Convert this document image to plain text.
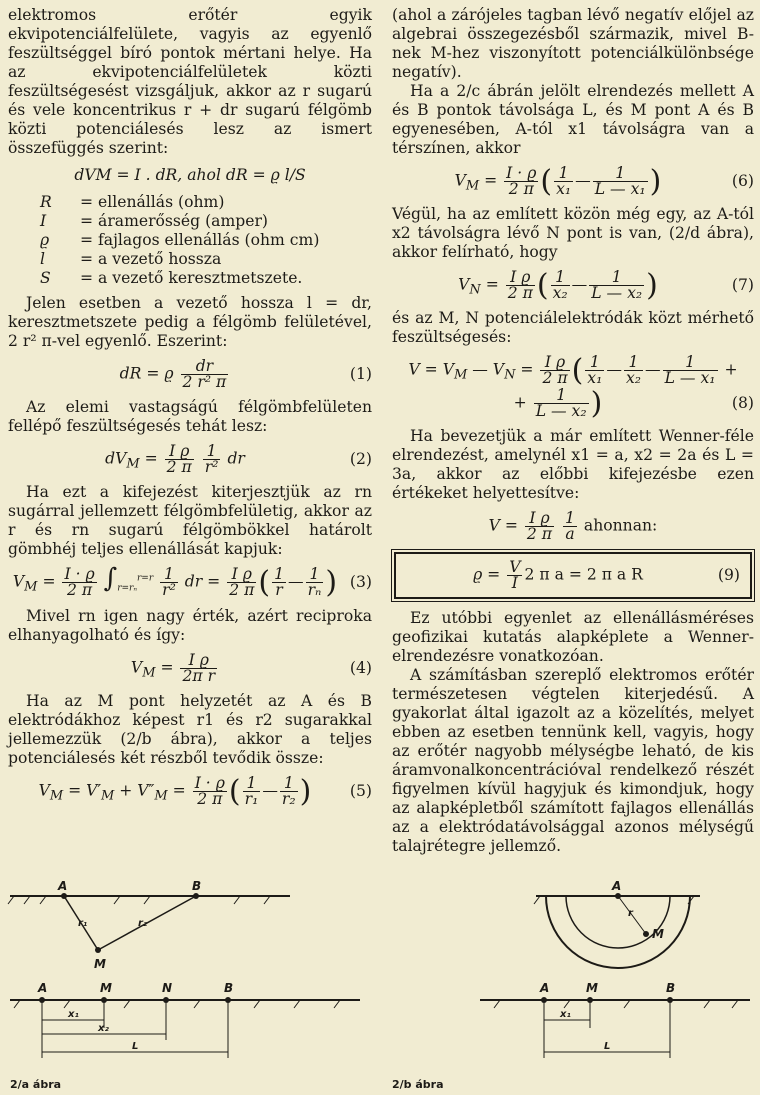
elektromos erőtér egyik ekvipotenciálfelülete, vagyis az egyenlő feszültséggel bíró pontok mértani helye. Ha az ekvipotenciálfelületek közti feszültségesést vizsgáljuk, akkor az r sugarú és vele koncentrikus r + dr sugarú félgömb közti potenciálesés lesz az ismert összefüggés szerint:

dVM = I . dR, ahol dR = ϱ l/S
R	= ellenállás (ohm)
I	= áramerősség (amper)
ϱ	= fajlagos ellenállás (ohm cm)
l	= a vezető hossza
S	= a vezető keresztmetszete.

Jelen esetben a vezető hossza l = dr, keresztmetszete pedig a félgömb felületével, 2 r² π-vel egyenlő. Eszerint:

dR = ϱ $\frac{dr}{\text{2 r² π}}$	(1)

Az elemi vastagságú félgömbfelületen fellépő feszültségesés tehát lesz:

$dV_M = \frac{\text{I ϱ}}{2 \pi}$
$\frac{1}{\text{r²}}$ dr	(2)

Ha ezt a kifejezést kiterjesztjük az rn sugárral jellemzett félgömbfelületig, akkor az r és rn sugarú félgömbökkel határolt gömbhéj teljes ellenállását kapjuk:

$V_M = \frac{I \cdot ϱ}{2 \pi} \int_{r=r_n}^{r=r} \frac{1}{\text{r²}}$ dr = $\frac{\text{I ϱ}}{2 \pi}$ ( $\frac{1}{r}$ — $\frac{1}{\text{rₙ}}$ ) (3)

Mivel rn igen nagy érték, azért reciproka elhanyagolható és így:

$V_M = \frac{\text{I ϱ}}{\text{2π r}}$	(4)

Ha az M pont helyzetét az A és B elektródákhoz képest r1 és r2 sugarakkal jellemezzük (2/b ábra), akkor a teljes potenciálesés két részből tevődik össze:

$V_M = V'_M + V''_M = \frac{I \cdot ϱ}{2 \pi}$ ( $\frac{1}{\text{r₁}}$ — $\frac{1}{\text{r₂}}$ )	(5)

(ahol a zárójeles tagban lévő negatív előjel az algebrai összegezésből származik, mivel B-nek M-hez viszonyított potenciálkülönbsége negatív).

Ha a 2/c ábrán jelölt elrendezés mellett A és B pontok távolsága L, és M pont A és B egyenesében, A-tól x1 távolságra van a térszínen, akkor

$V_M = \frac{I \cdot ϱ}{2 \pi}$ ( $\frac{1}{\text{x₁}}$ — $\frac{1}{\text{L — x₁}}$ )	(6)

Végül, ha az említett közön még egy, az A-tól x2 távolságra lévő N pont is van, (2/d ábra), akkor felírható, hogy

$V_N = \frac{\text{I ϱ}}{2 \pi}$ ( $\frac{1}{\text{x₂}}$ — $\frac{1}{\text{L — x₂}}$ )	(7)

és az M, N potenciálelektródák közt mérhető feszültségesés:

$V = V_M$ — $V_N = \frac{\text{I ϱ}}{2 \pi}$ ( $\frac{1}{\text{x₁}}$ — $\frac{1}{\text{x₂}}$ — $\frac{1}{\text{L — x₁}}$ +
+ $\frac{1}{\text{L — x₂}}$ )	(8)

Ha bevezetjük a már említett Wenner-féle elrendezést, amelynél x1 = a, x2 = 2a és L = 3a, akkor az előbbi kifejezésbe ezen értékeket helyettesítve:

$V = \frac{\text{I ϱ}}{2 \pi}$
$\frac{1}{a}$ ahonnan:
$ϱ = \frac{V}{I} 2$ π a = 2 π a R	(9)

Ez utóbbi egyenlet az ellenállásméréses geofizikai kutatás alapképlete a Wenner-elrendezésre vonatkozóan.

A számításban szereplő elektromos erőtér természetesen végtelen kiterjedésű. A gyakorlat által igazolt az a közelítés, melyet ebben az esetben tennünk kell, vagyis, hogy az erőtér nagyobb mélységbe leható, de kis áramvonalkoncentrációval rendelkező részét figyelmen kívül hagyjuk és kimondjuk, hogy az alapképletből számított fajlagos ellenállás az a elektródatávolsággal azonos mélységű talajrétegre jellemző.

A	B
M
r₁	r₂
A	M	N	B
x₁
x₂
L
2/a ábra
A
M
r
A	M	B
x₁
L
2/b ábra
